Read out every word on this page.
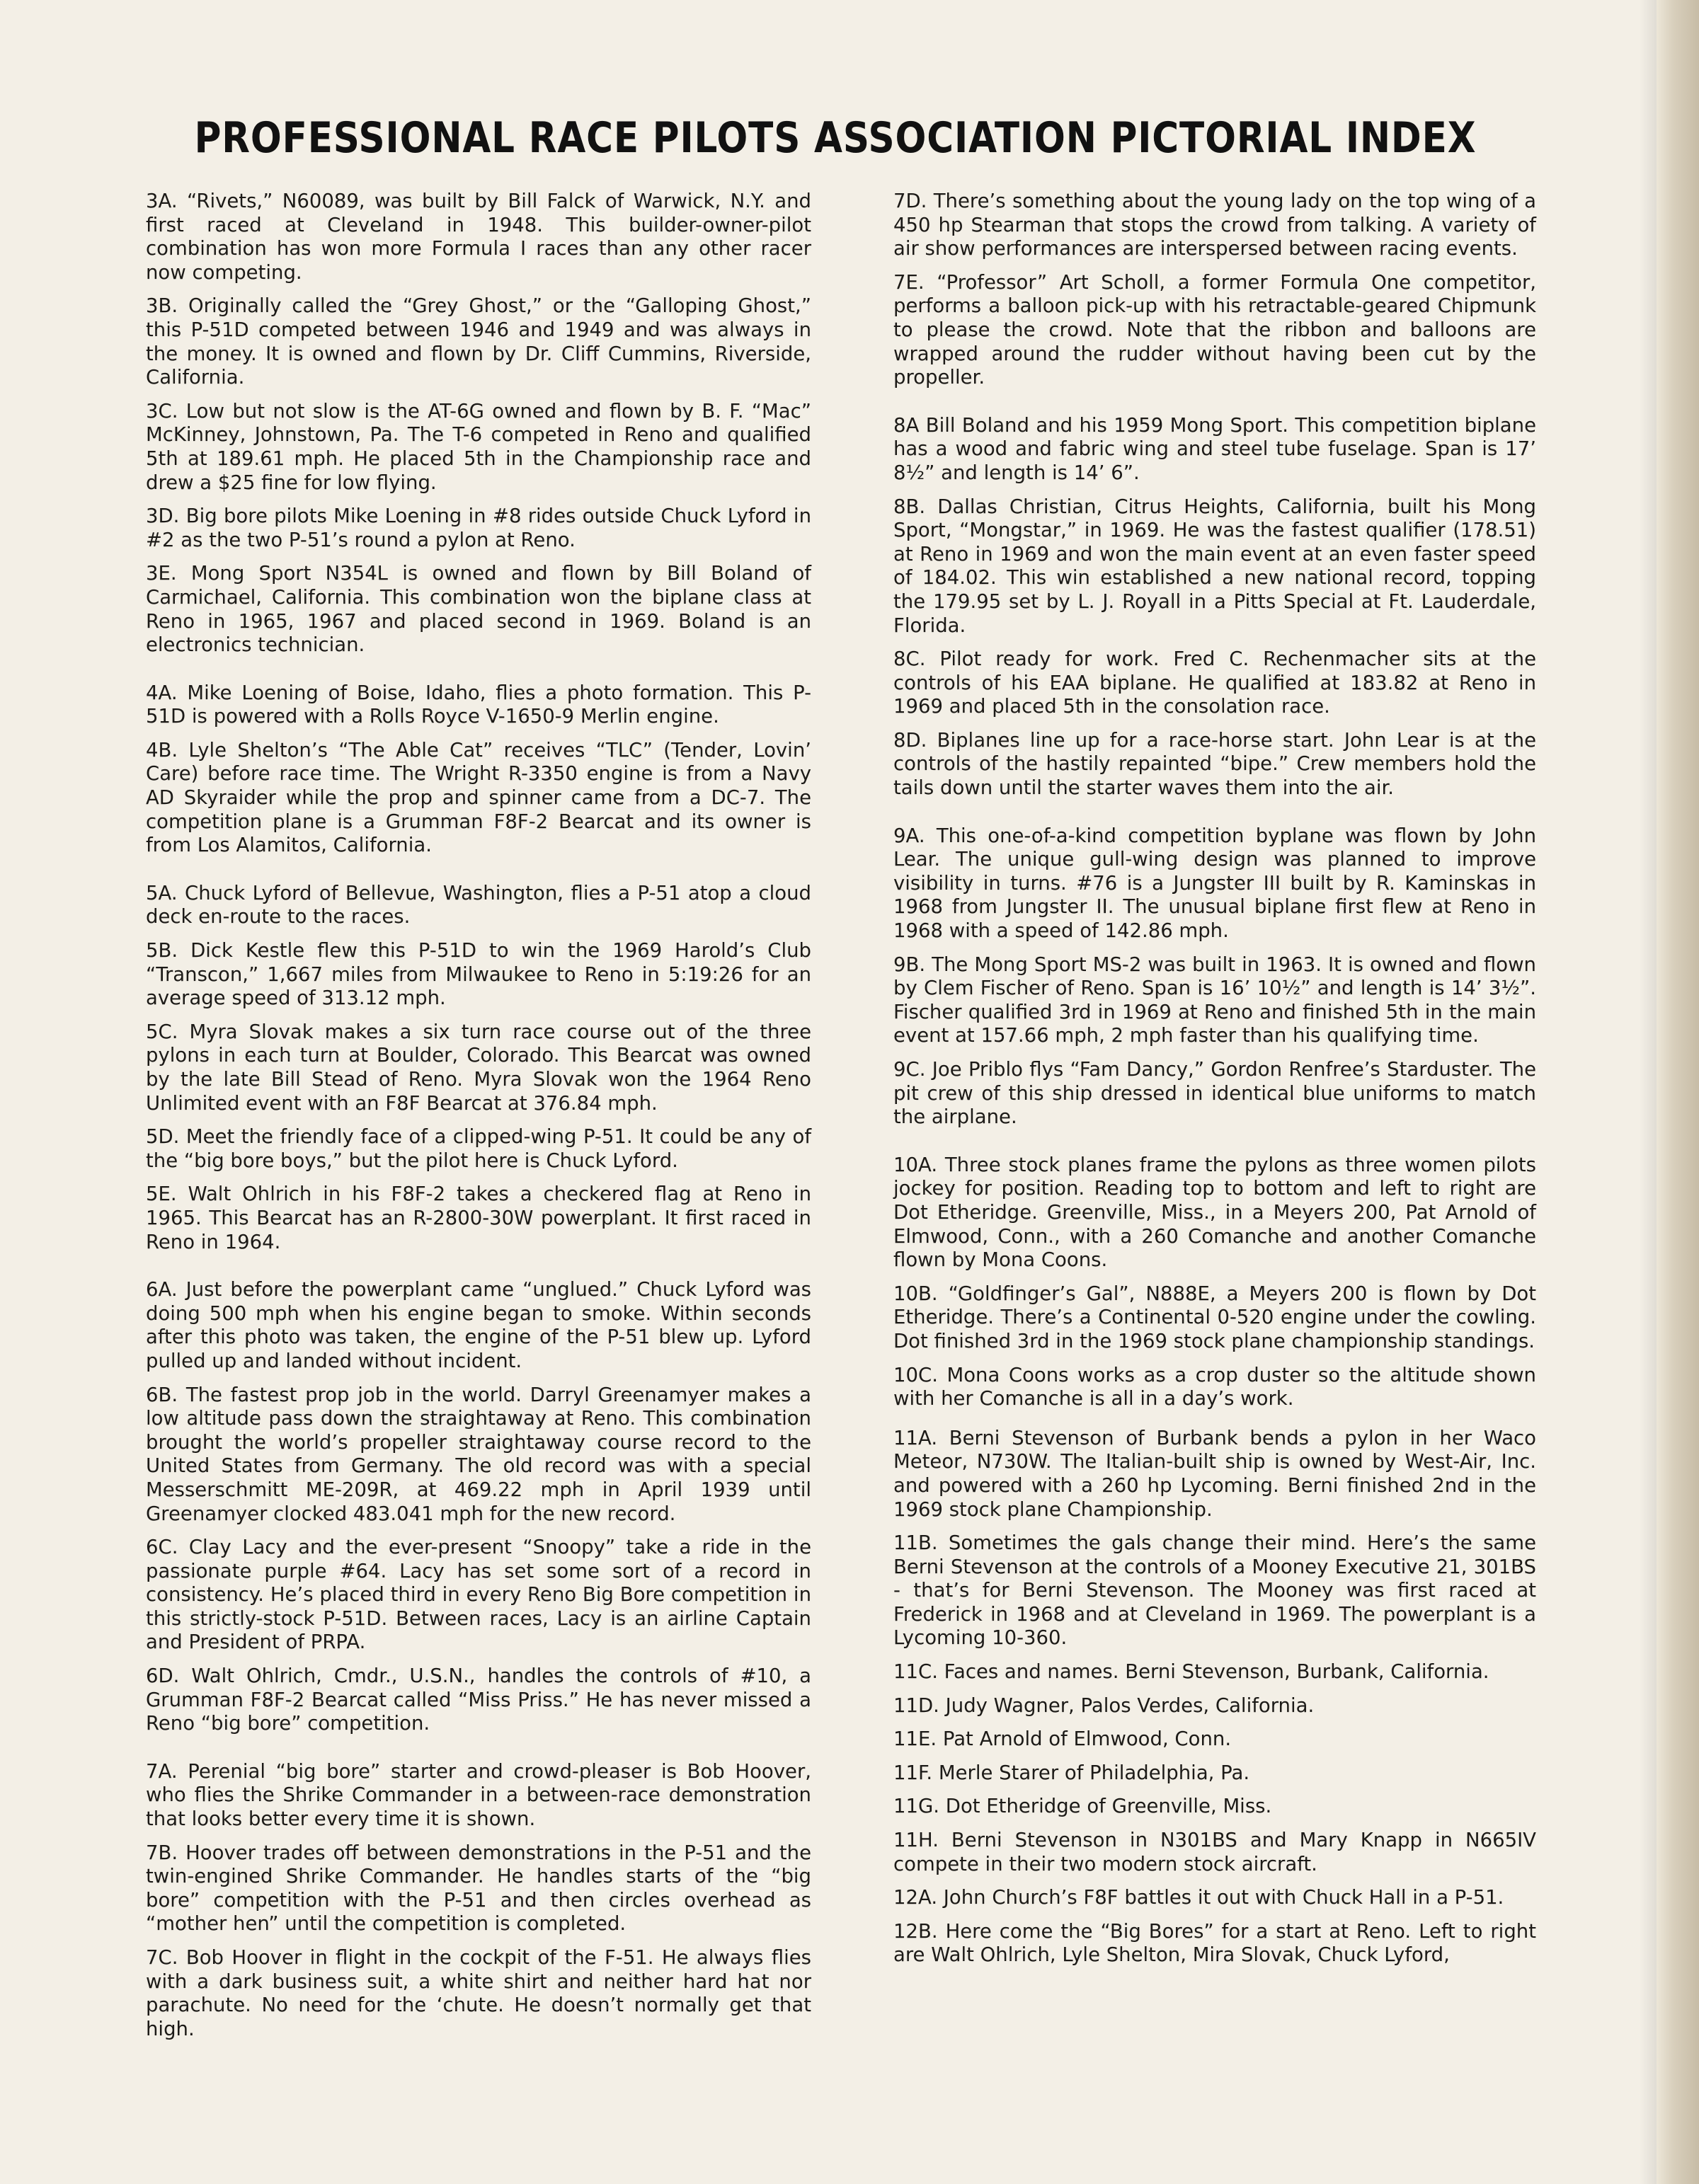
PROFESSIONAL RACE PILOTS ASSOCIATION PICTORIAL INDEX

3A. “Rivets,” N60089, was built by Bill Falck of Warwick, N.Y. and first raced at Cleveland in 1948. This builder-owner-pilot combination has won more Formula I races than any other racer now competing.

3B. Originally called the “Grey Ghost,” or the “Galloping Ghost,” this P-51D competed between 1946 and 1949 and was always in the money. It is owned and flown by Dr. Cliff Cummins, Riverside, California.

3C. Low but not slow is the AT-6G owned and flown by B. F. “Mac” McKinney, Johnstown, Pa. The T-6 competed in Reno and qualified 5th at 189.61 mph. He placed 5th in the Championship race and drew a $25 fine for low flying.

3D. Big bore pilots Mike Loening in #8 rides outside Chuck Lyford in #2 as the two P-51’s round a pylon at Reno.

3E. Mong Sport N354L is owned and flown by Bill Boland of Carmichael, California. This combination won the biplane class at Reno in 1965, 1967 and placed second in 1969. Boland is an electronics technician.

4A. Mike Loening of Boise, Idaho, flies a photo formation. This P-51D is powered with a Rolls Royce V-1650-9 Merlin engine.

4B. Lyle Shelton’s “The Able Cat” receives “TLC” (Tender, Lovin’ Care) before race time. The Wright R-3350 engine is from a Navy AD Skyraider while the prop and spinner came from a DC-7. The competition plane is a Grumman F8F-2 Bearcat and its owner is from Los Alamitos, California.

5A. Chuck Lyford of Bellevue, Washington, flies a P-51 atop a cloud deck en-route to the races.

5B. Dick Kestle flew this P-51D to win the 1969 Harold’s Club “Transcon,” 1,667 miles from Milwaukee to Reno in 5:19:26 for an average speed of 313.12 mph.

5C. Myra Slovak makes a six turn race course out of the three pylons in each turn at Boulder, Colorado. This Bearcat was owned by the late Bill Stead of Reno. Myra Slovak won the 1964 Reno Unlimited event with an F8F Bearcat at 376.84 mph.

5D. Meet the friendly face of a clipped-wing P-51. It could be any of the “big bore boys,” but the pilot here is Chuck Lyford.

5E. Walt Ohlrich in his F8F-2 takes a checkered flag at Reno in 1965. This Bearcat has an R-2800-30W powerplant. It first raced in Reno in 1964.

6A. Just before the powerplant came “unglued.” Chuck Lyford was doing 500 mph when his engine began to smoke. Within seconds after this photo was taken, the engine of the P-51 blew up. Lyford pulled up and landed without incident.

6B. The fastest prop job in the world. Darryl Greenamyer makes a low altitude pass down the straightaway at Reno. This combination brought the world’s propeller straightaway course record to the United States from Germany. The old record was with a special Messerschmitt ME-209R, at 469.22 mph in April 1939 until Greenamyer clocked 483.041 mph for the new record.

6C. Clay Lacy and the ever-present “Snoopy” take a ride in the passionate purple #64. Lacy has set some sort of a record in consistency. He’s placed third in every Reno Big Bore competition in this strictly-stock P-51D. Between races, Lacy is an airline Captain and President of PRPA.

6D. Walt Ohlrich, Cmdr., U.S.N., handles the controls of #10, a Grumman F8F-2 Bearcat called “Miss Priss.” He has never missed a Reno “big bore” competition.

7A. Perenial “big bore” starter and crowd-pleaser is Bob Hoover, who flies the Shrike Commander in a between-race demonstration that looks better every time it is shown.

7B. Hoover trades off between demonstrations in the P-51 and the twin-engined Shrike Commander. He handles starts of the “big bore” competition with the P-51 and then circles overhead as “mother hen” until the competition is completed.

7C. Bob Hoover in flight in the cockpit of the F-51. He always flies with a dark business suit, a white shirt and neither hard hat nor parachute. No need for the ‘chute. He doesn’t normally get that high.

7D. There’s something about the young lady on the top wing of a 450 hp Stearman that stops the crowd from talking. A variety of air show performances are interspersed between racing events.

7E. “Professor” Art Scholl, a former Formula One competitor, performs a balloon pick-up with his retractable-geared Chipmunk to please the crowd. Note that the ribbon and balloons are wrapped around the rudder without having been cut by the propeller.

8A Bill Boland and his 1959 Mong Sport. This competition biplane has a wood and fabric wing and steel tube fuselage. Span is 17’ 8½” and length is 14’ 6”.

8B. Dallas Christian, Citrus Heights, California, built his Mong Sport, “Mongstar,” in 1969. He was the fastest qualifier (178.51) at Reno in 1969 and won the main event at an even faster speed of 184.02. This win established a new national record, topping the 179.95 set by L. J. Royall in a Pitts Special at Ft. Lauderdale, Florida.

8C. Pilot ready for work. Fred C. Rechenmacher sits at the controls of his EAA biplane. He qualified at 183.82 at Reno in 1969 and placed 5th in the consolation race.

8D. Biplanes line up for a race-horse start. John Lear is at the controls of the hastily repainted “bipe.” Crew members hold the tails down until the starter waves them into the air.

9A. This one-of-a-kind competition byplane was flown by John Lear. The unique gull-wing design was planned to improve visibility in turns. #76 is a Jungster III built by R. Kaminskas in 1968 from Jungster II. The unusual biplane first flew at Reno in 1968 with a speed of 142.86 mph.

9B. The Mong Sport MS-2 was built in 1963. It is owned and flown by Clem Fischer of Reno. Span is 16’ 10½” and length is 14’ 3½”. Fischer qualified 3rd in 1969 at Reno and finished 5th in the main event at 157.66 mph, 2 mph faster than his qualifying time.

9C. Joe Priblo flys “Fam Dancy,” Gordon Renfree’s Starduster. The pit crew of this ship dressed in identical blue uniforms to match the airplane.

10A. Three stock planes frame the pylons as three women pilots jockey for position. Reading top to bottom and left to right are Dot Etheridge. Greenville, Miss., in a Meyers 200, Pat Arnold of Elmwood, Conn., with a 260 Comanche and another Comanche flown by Mona Coons.

10B. “Goldfinger’s Gal”, N888E, a Meyers 200 is flown by Dot Etheridge. There’s a Continental 0-520 engine under the cowling. Dot finished 3rd in the 1969 stock plane championship standings.

10C. Mona Coons works as a crop duster so the altitude shown with her Comanche is all in a day’s work.

11A. Berni Stevenson of Burbank bends a pylon in her Waco Meteor, N730W. The Italian-built ship is owned by West-Air, Inc. and powered with a 260 hp Lycoming. Berni finished 2nd in the 1969 stock plane Championship.

11B. Sometimes the gals change their mind. Here’s the same Berni Stevenson at the controls of a Mooney Executive 21, 301BS - that’s for Berni Stevenson. The Mooney was first raced at Frederick in 1968 and at Cleveland in 1969. The powerplant is a Lycoming 10-360.

11C. Faces and names. Berni Stevenson, Burbank, California.

11D. Judy Wagner, Palos Verdes, California.

11E. Pat Arnold of Elmwood, Conn.

11F. Merle Starer of Philadelphia, Pa.

11G. Dot Etheridge of Greenville, Miss.

11H. Berni Stevenson in N301BS and Mary Knapp in N665IV compete in their two modern stock aircraft.

12A. John Church’s F8F battles it out with Chuck Hall in a P-51.

12B. Here come the “Big Bores” for a start at Reno. Left to right are Walt Ohlrich, Lyle Shelton, Mira Slovak, Chuck Lyford,
